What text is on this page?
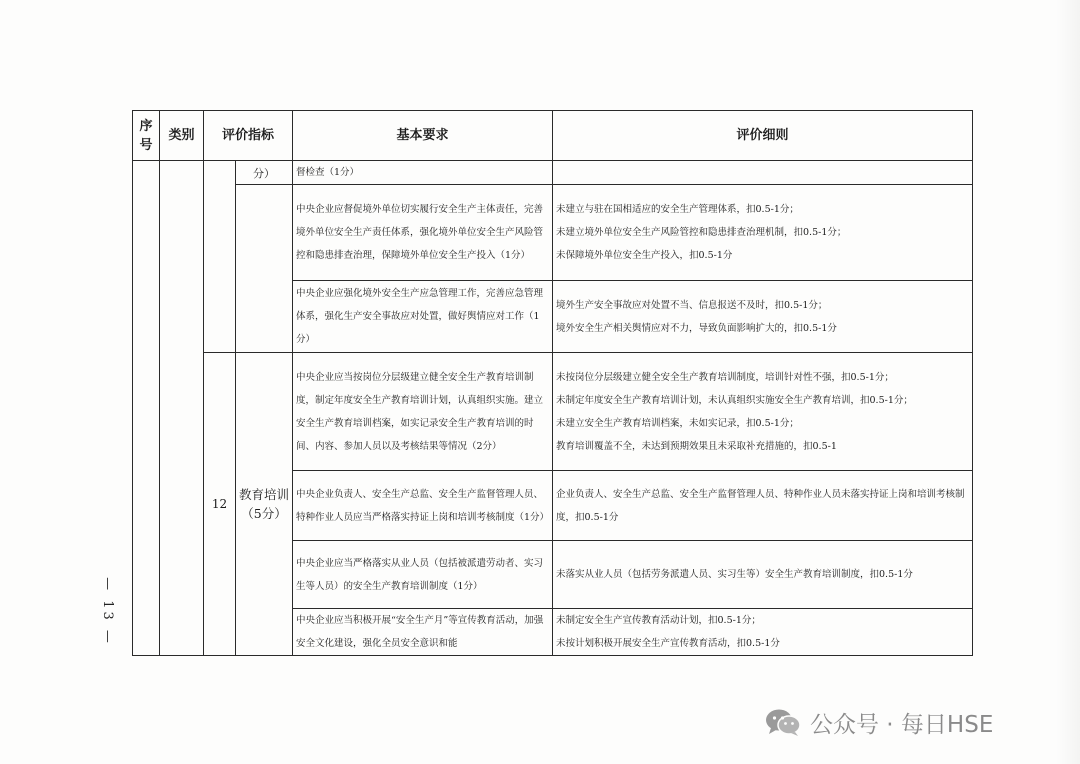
序号	类别	评价指标		基本要求	评价细则
			分）	督检查（1分）	
				中央企业应督促境外单位切实履行安全生产主体责任，完善境外单位安全生产责任体系，强化境外单位安全生产风险管控和隐患排查治理，保障境外单位安全生产投入（1分）	未建立与驻在国相适应的安全生产管理体系，扣0.5-1分；
未建立境外单位安全生产风险管控和隐患排查治理机制，扣0.5-1分；
未保障境外单位安全生产投入，扣0.5-1分

				中央企业应强化境外安全生产应急管理工作，完善应急管理体系，强化生产安全事故应对处置，做好舆情应对工作（1分）	境外生产安全事故应对处置不当、信息报送不及时，扣0.5-1分；
境外安全生产相关舆情应对不力，导致负面影响扩大的，扣0.5-1分

		12	教育培训（5分）	中央企业应当按岗位分层级建立健全安全生产教育培训制度，制定年度安全生产教育培训计划，认真组织实施。建立安全生产教育培训档案，如实记录安全生产教育培训的时间、内容、参加人员以及考核结果等情况（2分）	未按岗位分层级建立健全安全生产教育培训制度，培训针对性不强，扣0.5-1分；
未制定年度安全生产教育培训计划，未认真组织实施安全生产教育培训，扣0.5-1分；
未建立安全生产教育培训档案，未如实记录，扣0.5-1分；
教育培训覆盖不全，未达到预期效果且未采取补充措施的，扣0.5-1

				中央企业负责人、安全生产总监、安全生产监督管理人员、特种作业人员应当严格落实持证上岗和培训考核制度（1分）	企业负责人、安全生产总监、安全生产监督管理人员、特种作业人员未落实持证上岗和培训考核制度，扣0.5-1分

				中央企业应当严格落实从业人员（包括被派遣劳动者、实习生等人员）的安全生产教育培训制度（1分）	未落实从业人员（包括劳务派遣人员、实习生等）安全生产教育培训制度，扣0.5-1分

				中央企业应当积极开展“安全生产月”等宣传教育活动，加强安全文化建设，强化全员安全意识和能	未制定安全生产宣传教育活动计划，扣0.5-1分；
未按计划积极开展安全生产宣传教育活动，扣0.5-1分
— 13 —
公众号 · 每日HSE
